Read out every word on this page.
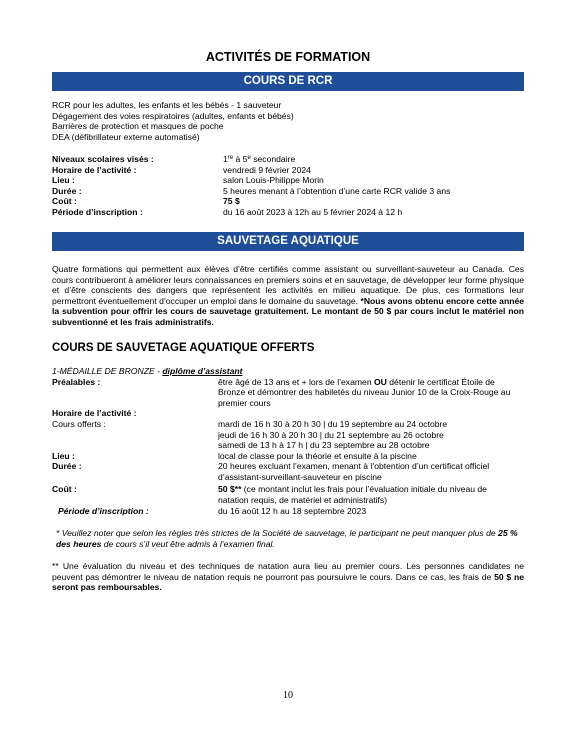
ACTIVITÉS DE FORMATION
COURS DE RCR
RCR pour les adultes, les enfants et les bébés - 1 sauveteur
Dégagement des voies respiratoires (adultes, enfants et bébés)
Barrières de protection et masques de poche
DEA (défibrillateur externe automatisé)
Niveaux scolaires visés :	1re à 5e secondaire
Horaire de l’activité :	vendredi 9 février 2024
Lieu :	salon Louis-Philippe Morin
Durée :	5 heures menant à l’obtention d’une carte RCR valide 3 ans
Coût :	75 $
Période d’inscription :	du 16 août 2023 à 12h au 5 février 2024 à 12 h
SAUVETAGE AQUATIQUE
Quatre formations qui permettent aux élèves d’être certifiés comme assistant ou surveillant-sauveteur au Canada. Ces cours contribueront à améliorer leurs connaissances en premiers soins et en sauvetage, de développer leur forme physique et d’être conscients des dangers que représentent les activités en milieu aquatique. De plus, ces formations leur permettront éventuellement d’occuper un emploi dans le domaine du sauvetage. *Nous avons obtenu encore cette année la subvention pour offrir les cours de sauvetage gratuitement. Le montant de 50 $ par cours inclut le matériel non subventionné et les frais administratifs.
COURS DE SAUVETAGE AQUATIQUE OFFERTS
1-MÉDAILLE DE BRONZE - diplôme d’assistant
Préalables :	être âgé de 13 ans et + lors de l’examen OU détenir le certificat Étoile de Bronze et démontrer des habiletés du niveau Junior 10 de la Croix-Rouge au premier cours
Horaire de l’activité :
Cours offerts :	mardi de 16 h 30 à 20 h 30 | du 19 septembre au 24 octobre
jeudi de 16 h 30 à 20 h 30 | du 21 septembre au 26 octobre
samedi de 13 h à 17 h | du 23 septembre au 28 octobre
Lieu :	local de classe pour la théorie et ensuite à la piscine
Durée :	20 heures excluant l’examen, menant à l’obtention d’un certificat officiel d’assistant-surveillant-sauveteur en piscine
Coût :	50 $** (ce montant inclut les frais pour l’évaluation initiale du niveau de natation requis, de matériel et administratifs)
Période d’inscription :	du 16 août 12 h au 18 septembre 2023
* Veuillez noter que selon les règles très strictes de la Société de sauvetage, le participant ne peut manquer plus de 25 % des heures de cours s’il veut être admis à l’examen final.
** Une évaluation du niveau et des techniques de natation aura lieu au premier cours. Les personnes candidates ne peuvent pas démontrer le niveau de natation requis ne pourront pas poursuivre le cours. Dans ce cas, les frais de 50 $ ne seront pas remboursables.
10
